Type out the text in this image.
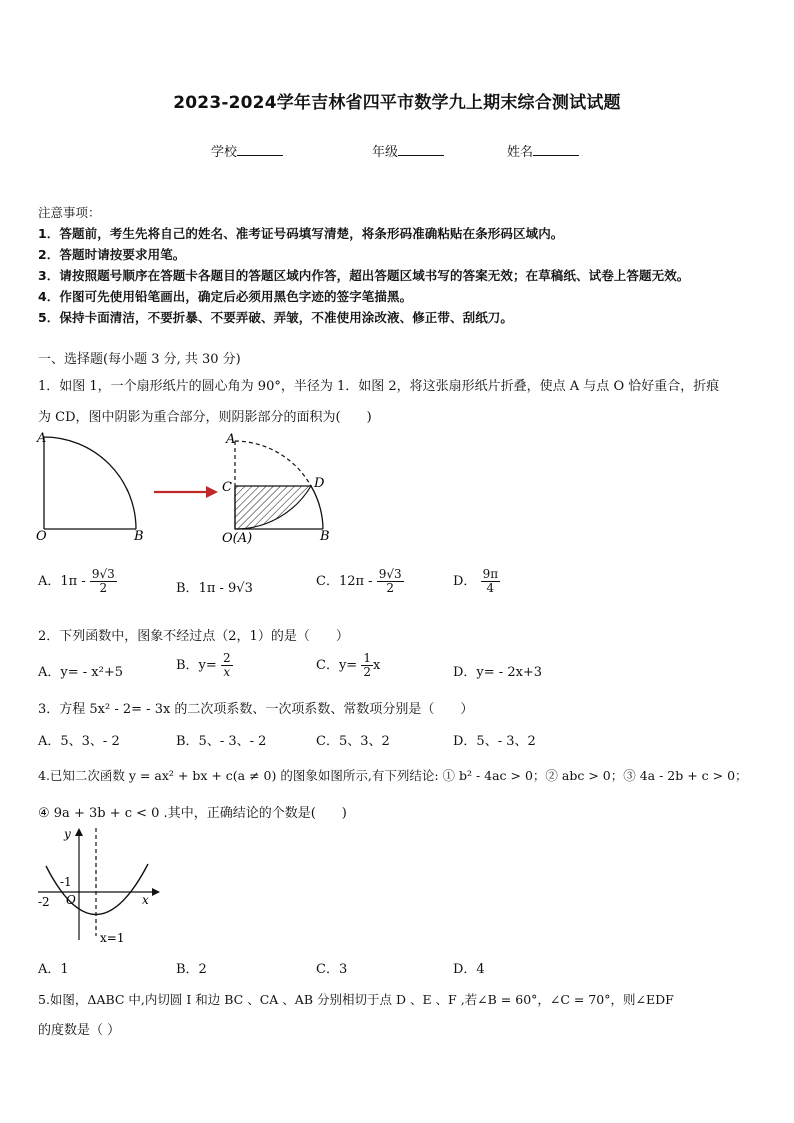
2023-2024学年吉林省四平市数学九上期末综合测试试题
学校	年级	姓名
注意事项：
1．答题前，考生先将自己的姓名、准考证号码填写清楚，将条形码准确粘贴在条形码区域内。
2．答题时请按要求用笔。
3．请按照题号顺序在答题卡各题目的答题区域内作答，超出答题区域书写的答案无效；在草稿纸、试卷上答题无效。
4．作图可先使用铅笔画出，确定后必须用黑色字迹的签字笔描黑。
5．保持卡面清洁，不要折暴、不要弄破、弄皱，不准使用涂改液、修正带、刮纸刀。
一、选择题(每小题 3 分, 共 30 分)
1．如图 1，一个扇形纸片的圆心角为 90°，半径为 1．如图 2，将这张扇形纸片折叠，使点 A 与点 O 恰好重合，折痕
为 CD，图中阴影为重合部分，则阴影部分的面积为(　　)
A
O	B
A
C	D
O(A)	B
A．$1\pi - \frac{9√3}{2}$	B．1π - 9√3	C．$12\pi - \frac{9√3}{2}$	D． $\frac{9\pi}{4}$
2．下列函数中，图象不经过点（2，1）的是（　　）
A．y= - x²+5	B．$y= \frac{2}{x}$	C．$y= \frac{1}{2}$ x	D．y= - 2x+3
3．方程 5x² - 2= - 3x 的二次项系数、一次项系数、常数项分别是（　　）
A．5、3、- 2	B．5、- 3、- 2	C．5、3、2	D．5、- 3、2
4.已知二次函数 y = ax² + bx + c(a ≠ 0) 的图象如图所示,有下列结论: ① b² - 4ac > 0；② abc > 0；③ 4a - 2b + c > 0；
④ 9a + 3b + c < 0 .其中，正确结论的个数是(　　)
y
x
-1
-2 O
x=1
A．1	B．2	C．3	D．4
5.如图，ΔABC 中,内切圆 I 和边 BC 、CA 、AB 分别相切于点 D 、E 、F ,若∠B = 60°，∠C = 70°，则∠EDF
的度数是（ ）
